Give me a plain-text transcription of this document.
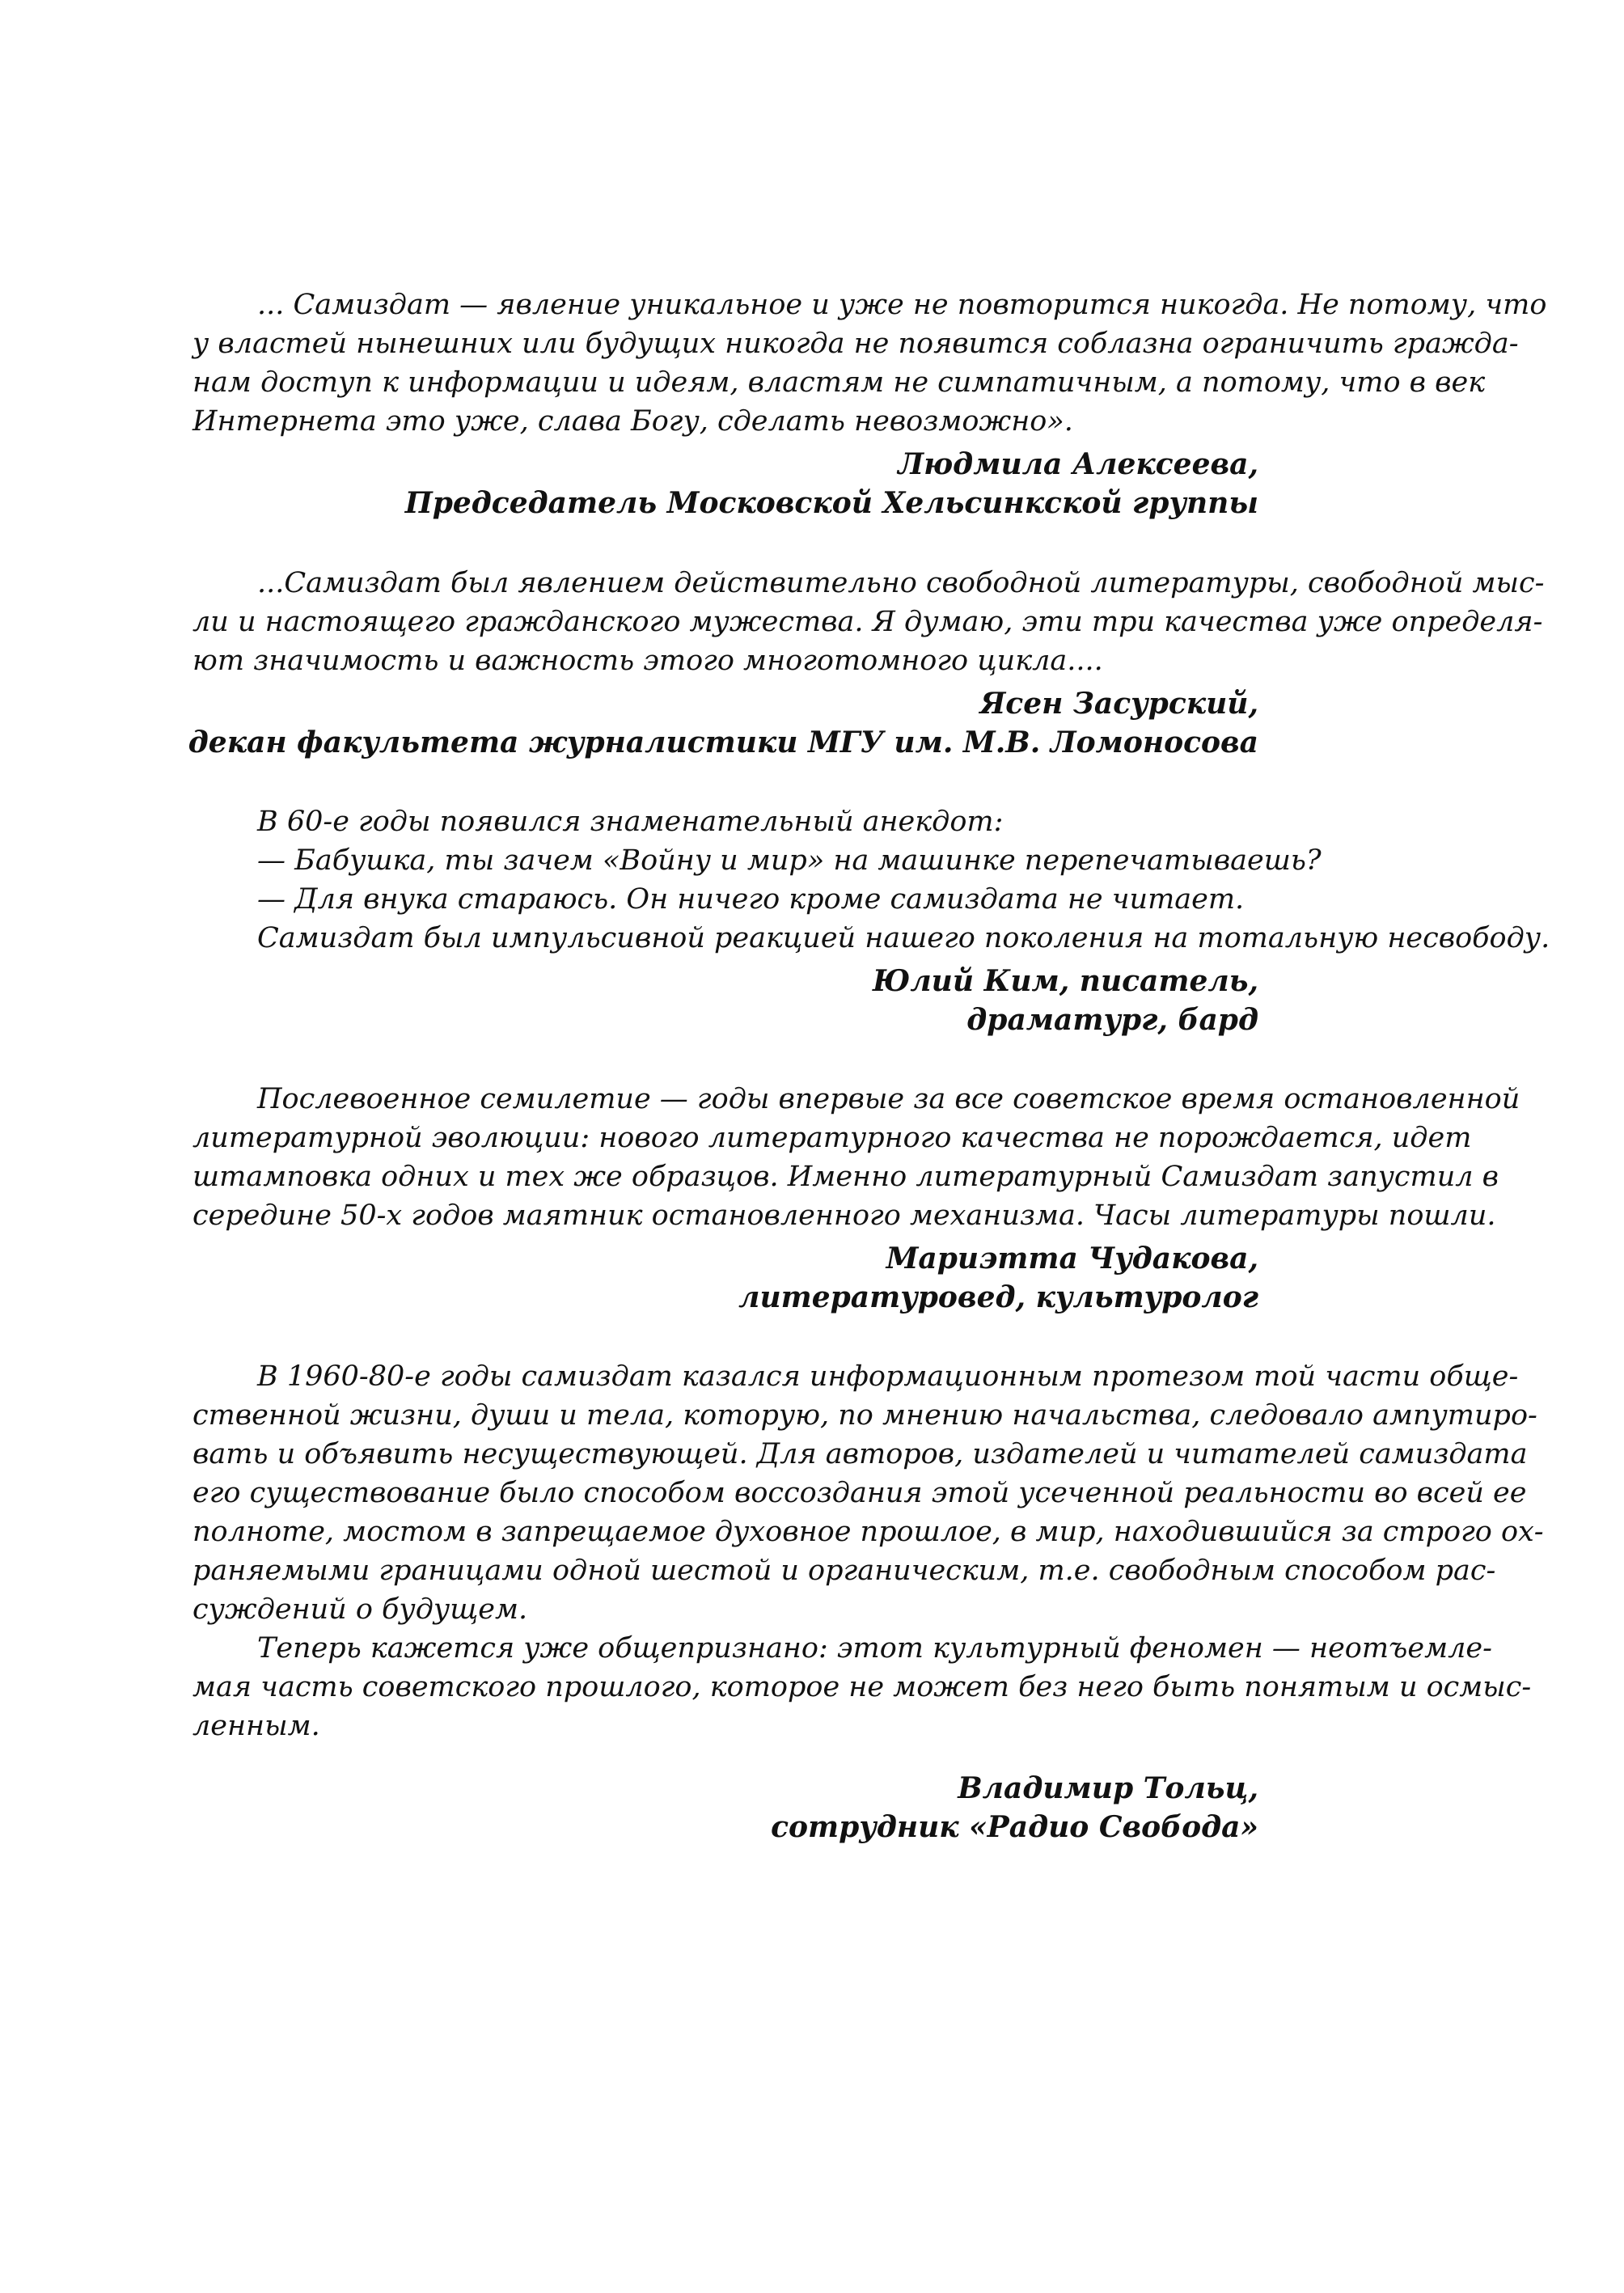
... Самиздат — явление уникальное и уже не повторится никогда. Не потому, что
у властей нынешних или будущих никогда не появится соблазна ограничить гражда-
нам доступ к информации и идеям, властям не симпатичным, а потому, что в век
Интернета это уже, слава Богу, сделать невозможно».
Людмила Алексеева,
Председатель Московской Хельсинкской группы
...Самиздат был явлением действительно свободной литературы, свободной мыс-
ли и настоящего гражданского мужества. Я думаю, эти три качества уже определя-
ют значимость и важность этого многотомного цикла....
Ясен Засурский,
декан факультета журналистики МГУ им. М.В. Ломоносова
В 60-е годы появился знаменательный анекдот:
— Бабушка, ты зачем «Войну и мир» на машинке перепечатываешь?
— Для внука стараюсь. Он ничего кроме самиздата не читает.
Самиздат был импульсивной реакцией нашего поколения на тотальную несвободу.
Юлий Ким, писатель,
драматург, бард
Послевоенное семилетие — годы впервые за все советское время остановленной
литературной эволюции: нового литературного качества не порождается, идет
штамповка одних и тех же образцов. Именно литературный Самиздат запустил в
середине 50-х годов маятник остановленного механизма. Часы литературы пошли.
Мариэтта Чудакова,
литературовед, культуролог
В 1960-80-е годы самиздат казался информационным протезом той части обще-
ственной жизни, души и тела, которую, по мнению начальства, следовало ампутиро-
вать и объявить несуществующей. Для авторов, издателей и читателей самиздата
его существование было способом воссоздания этой усеченной реальности во всей ее
полноте, мостом в запрещаемое духовное прошлое, в мир, находившийся за строго ох-
раняемыми границами одной шестой и органическим, т.е. свободным способом рас-
суждений о будущем.
Теперь кажется уже общепризнано: этот культурный феномен — неотъемле-
мая часть советского прошлого, которое не может без него быть понятым и осмыс-
ленным.
Владимир Тольц,
сотрудник «Радио Свобода»
